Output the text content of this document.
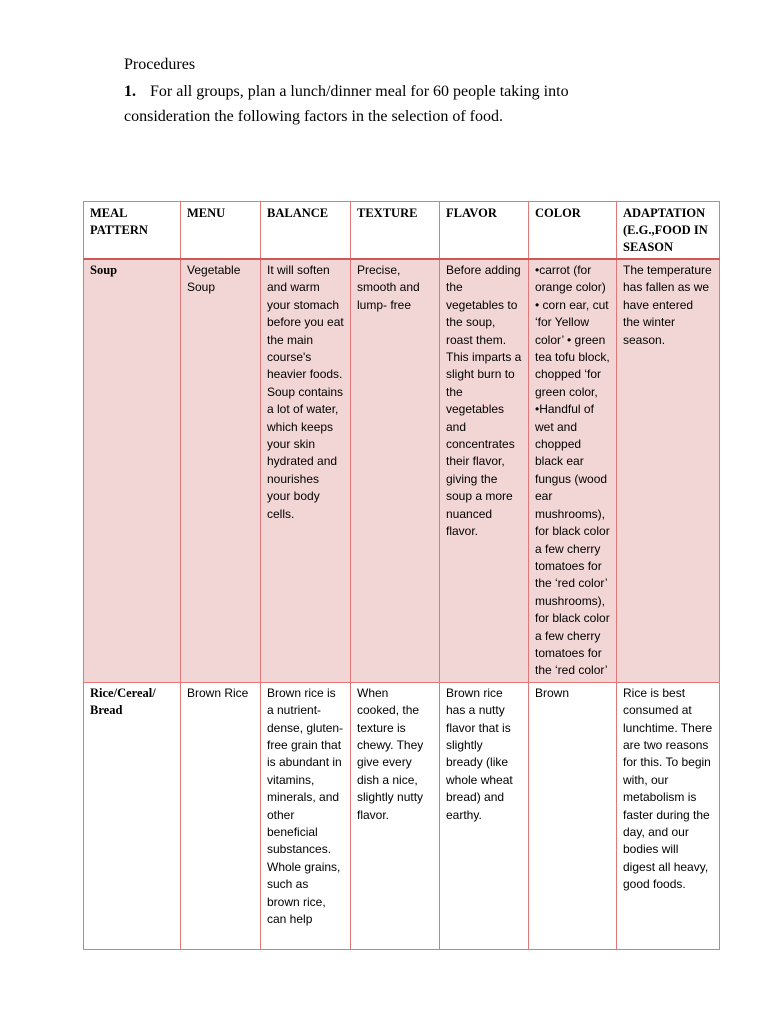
Procedures
1. For all groups, plan a lunch/dinner meal for 60 people taking into consideration the following factors in the selection of food.
MEAL PATTERN	MENU	BALANCE	TEXTURE	FLAVOR	COLOR	ADAPTATION (E.G.,FOOD IN SEASON
Soup	Vegetable Soup	It will soften and warm your stomach before you eat the main course's heavier foods. Soup contains a lot of water, which keeps your skin hydrated and nourishes your body cells.	Precise, smooth and lump- free	Before adding the vegetables to the soup, roast them. This imparts a slight burn to the vegetables and concentrates their flavor, giving the soup a more nuanced flavor.	•carrot (for orange color) • corn ear, cut ‘for Yellow color’ • green tea tofu block, chopped ‘for green color, •Handful of wet and chopped black ear fungus (wood ear mushrooms), for black color a few cherry tomatoes for the ‘red color’ mushrooms), for black color a few cherry tomatoes for the ‘red color’	The temperature has fallen as we have entered the winter season.
Rice/Cereal/ Bread	Brown Rice	Brown rice is a nutrient-dense, gluten-free grain that is abundant in vitamins, minerals, and other beneficial substances. Whole grains, such as brown rice, can help	When cooked, the texture is chewy. They give every dish a nice, slightly nutty flavor.	Brown rice has a nutty flavor that is slightly bready (like whole wheat bread) and earthy.	Brown	Rice is best consumed at lunchtime. There are two reasons for this. To begin with, our metabolism is faster during the day, and our bodies will digest all heavy, good foods.
